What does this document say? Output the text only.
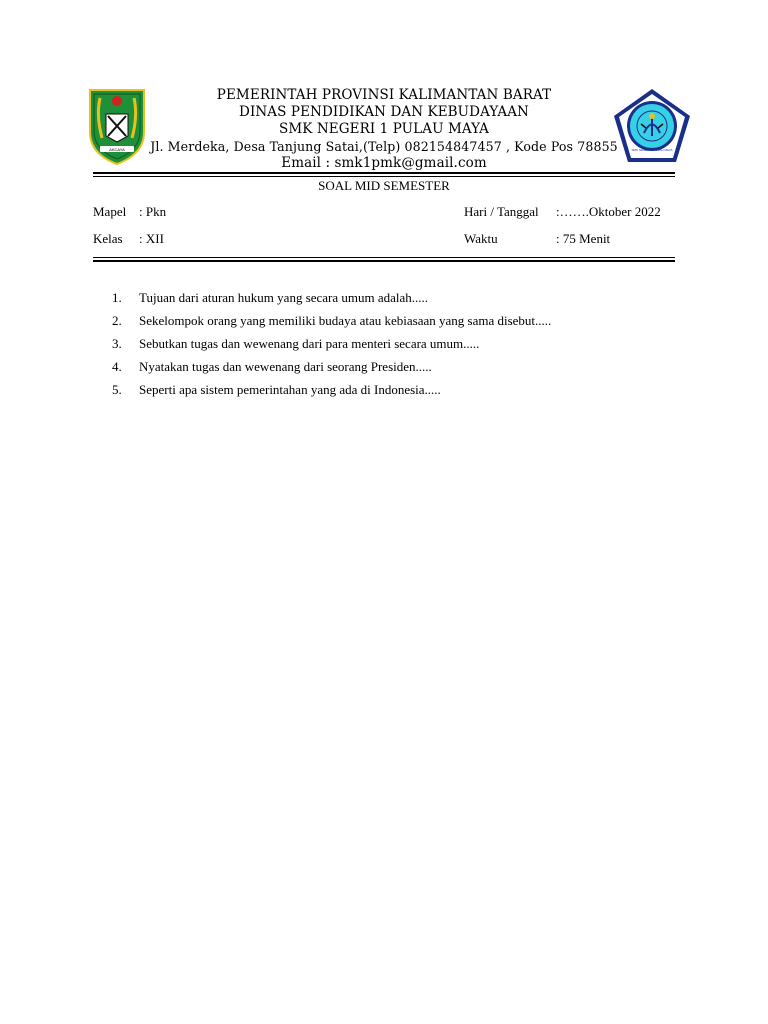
AKCAYA
PEMERINTAH PROVINSI KALIMANTAN BARAT
DINAS PENDIDIKAN DAN KEBUDAYAAN
SMK NEGERI 1 PULAU MAYA
Jl. Merdeka, Desa Tanjung Satai,(Telp) 082154847457 , Kode Pos 78855
Email : smk1pmk@gmail.com
SMK NEGERI 1 PULAU MAYA
SOAL MID SEMESTER
Mapel : Pkn
Kelas : XII
Hari / Tanggal :…….Oktober 2022
Waktu	: 75 Menit
1. Tujuan dari aturan hukum yang secara umum adalah.....
2. Sekelompok orang yang memiliki budaya atau kebiasaan yang sama disebut.....
3. Sebutkan tugas dan wewenang dari para menteri secara umum.....
4. Nyatakan tugas dan wewenang dari seorang Presiden.....
5. Seperti apa sistem pemerintahan yang ada di Indonesia.....
